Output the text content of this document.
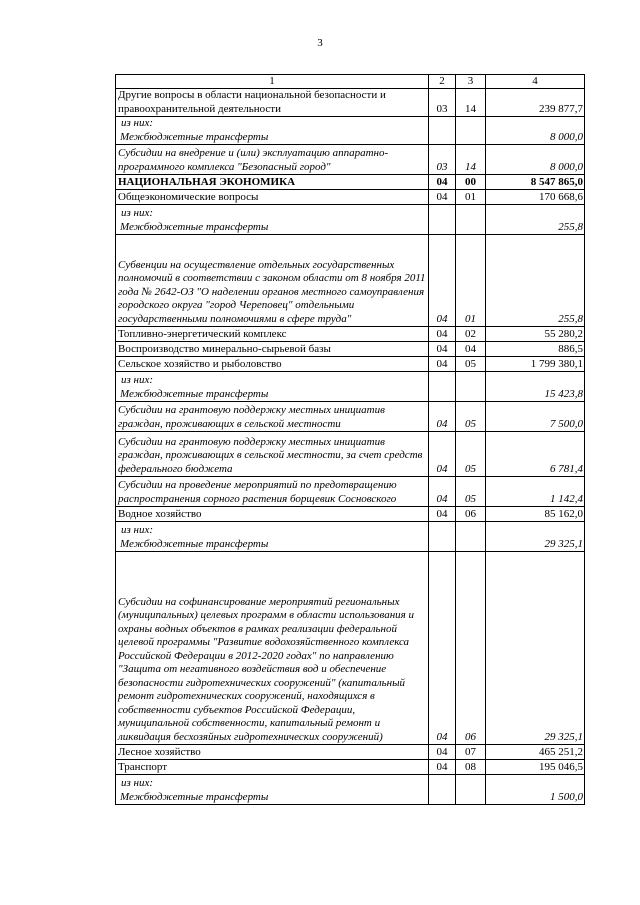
3
1	2	3	4
Другие вопросы в области национальной безопасности и правоохранительной деятельности	03	14	239 877,7

из них:
Межбюджетные трансферты			8 000,0
Субсидии на внедрение и (или) эксплуатацию аппаратно-программного комплекса "Безопасный город"	03	14	8 000,0
НАЦИОНАЛЬНАЯ ЭКОНОМИКА	04	00	8 547 865,0
Общеэкономические вопросы	04	01	170 668,6

из них:
Межбюджетные трансферты			255,8
Субвенции на осуществление отдельных государственных полномочий в соответствии с законом области от 8 ноября 2011 года № 2642-ОЗ "О наделении органов местного самоуправления городского округа "город Череповец" отдельными государственными полномочиями в сфере труда"	04	01	255,8
Топливно-энергетический комплекс	04	02	55 280,2
Воспроизводство минерально-сырьевой базы	04	04	886,5
Сельское хозяйство и рыболовство	04	05	1 799 380,1

из них:
Межбюджетные трансферты			15 423,8
Субсидии на грантовую поддержку местных инициатив граждан, проживающих в сельской местности	04	05	7 500,0
Субсидии на грантовую поддержку местных инициатив граждан, проживающих в сельской местности, за счет средств федерального бюджета	04	05	6 781,4
Субсидии на проведение мероприятий по предотвращению распространения сорного растения борщевик Сосновского	04	05	1 142,4
Водное хозяйство	04	06	85 162,0

из них:
Межбюджетные трансферты			29 325,1
Субсидии на софинансирование мероприятий региональных (муниципальных) целевых программ в области использования и охраны водных объектов в рамках реализации федеральной целевой программы "Развитие водохозяйственного комплекса Российской Федерации в 2012-2020 годах" по направлению "Защита от негативного воздействия вод и обеспечение безопасности гидротехнических сооружений" (капитальный ремонт гидротехнических сооружений, находящихся в собственности субъектов Российской Федерации, муниципальной собственности, капитальный ремонт и ликвидация бесхозяйных гидротехнических сооружений)	04	06	29 325,1
Лесное хозяйство	04	07	465 251,2
Транспорт	04	08	195 046,5

из них:
Межбюджетные трансферты			1 500,0
